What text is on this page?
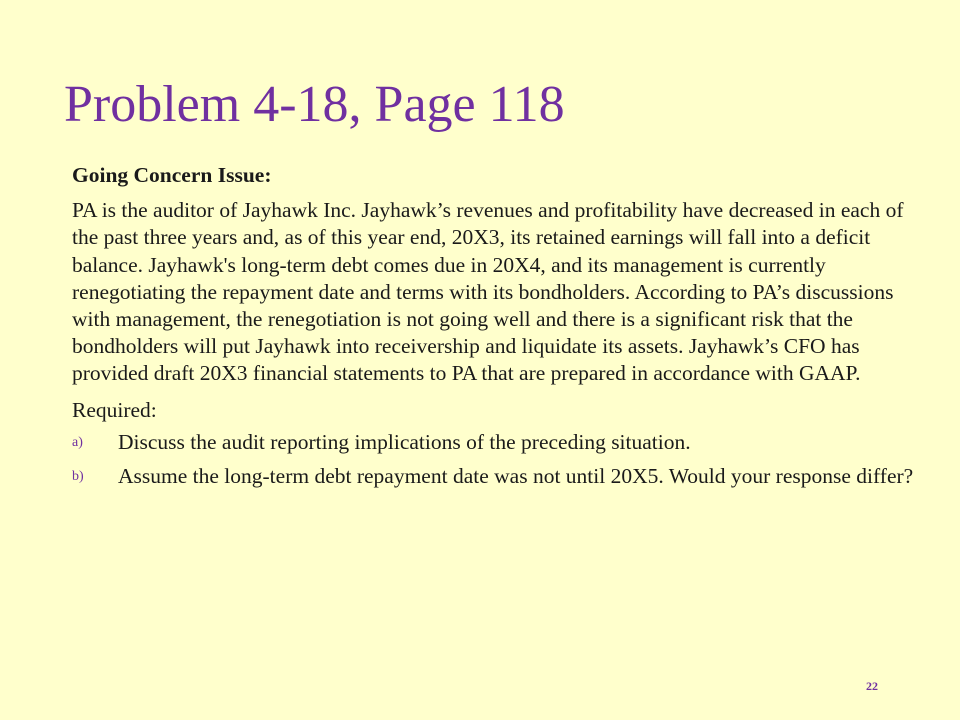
Problem 4-18, Page 118

Going Concern Issue:

PA is the auditor of Jayhawk Inc. Jayhawk’s revenues and profitability have decreased in each of the past three years and, as of this year end, 20X3, its retained earnings will fall into a deficit balance. Jayhawk's long-term debt comes due in 20X4, and its management is currently renegotiating the repayment date and terms with its bondholders. According to PA’s discussions with management, the renegotiation is not going well and there is a significant risk that the bondholders will put Jayhawk into receivership and liquidate its assets. Jayhawk’s CFO has provided draft 20X3 financial statements to PA that are prepared in accordance with GAAP.

Required:

a) Discuss the audit reporting implications of the preceding situation.
b) Assume the long-term debt repayment date was not until 20X5. Would your response differ?
22
